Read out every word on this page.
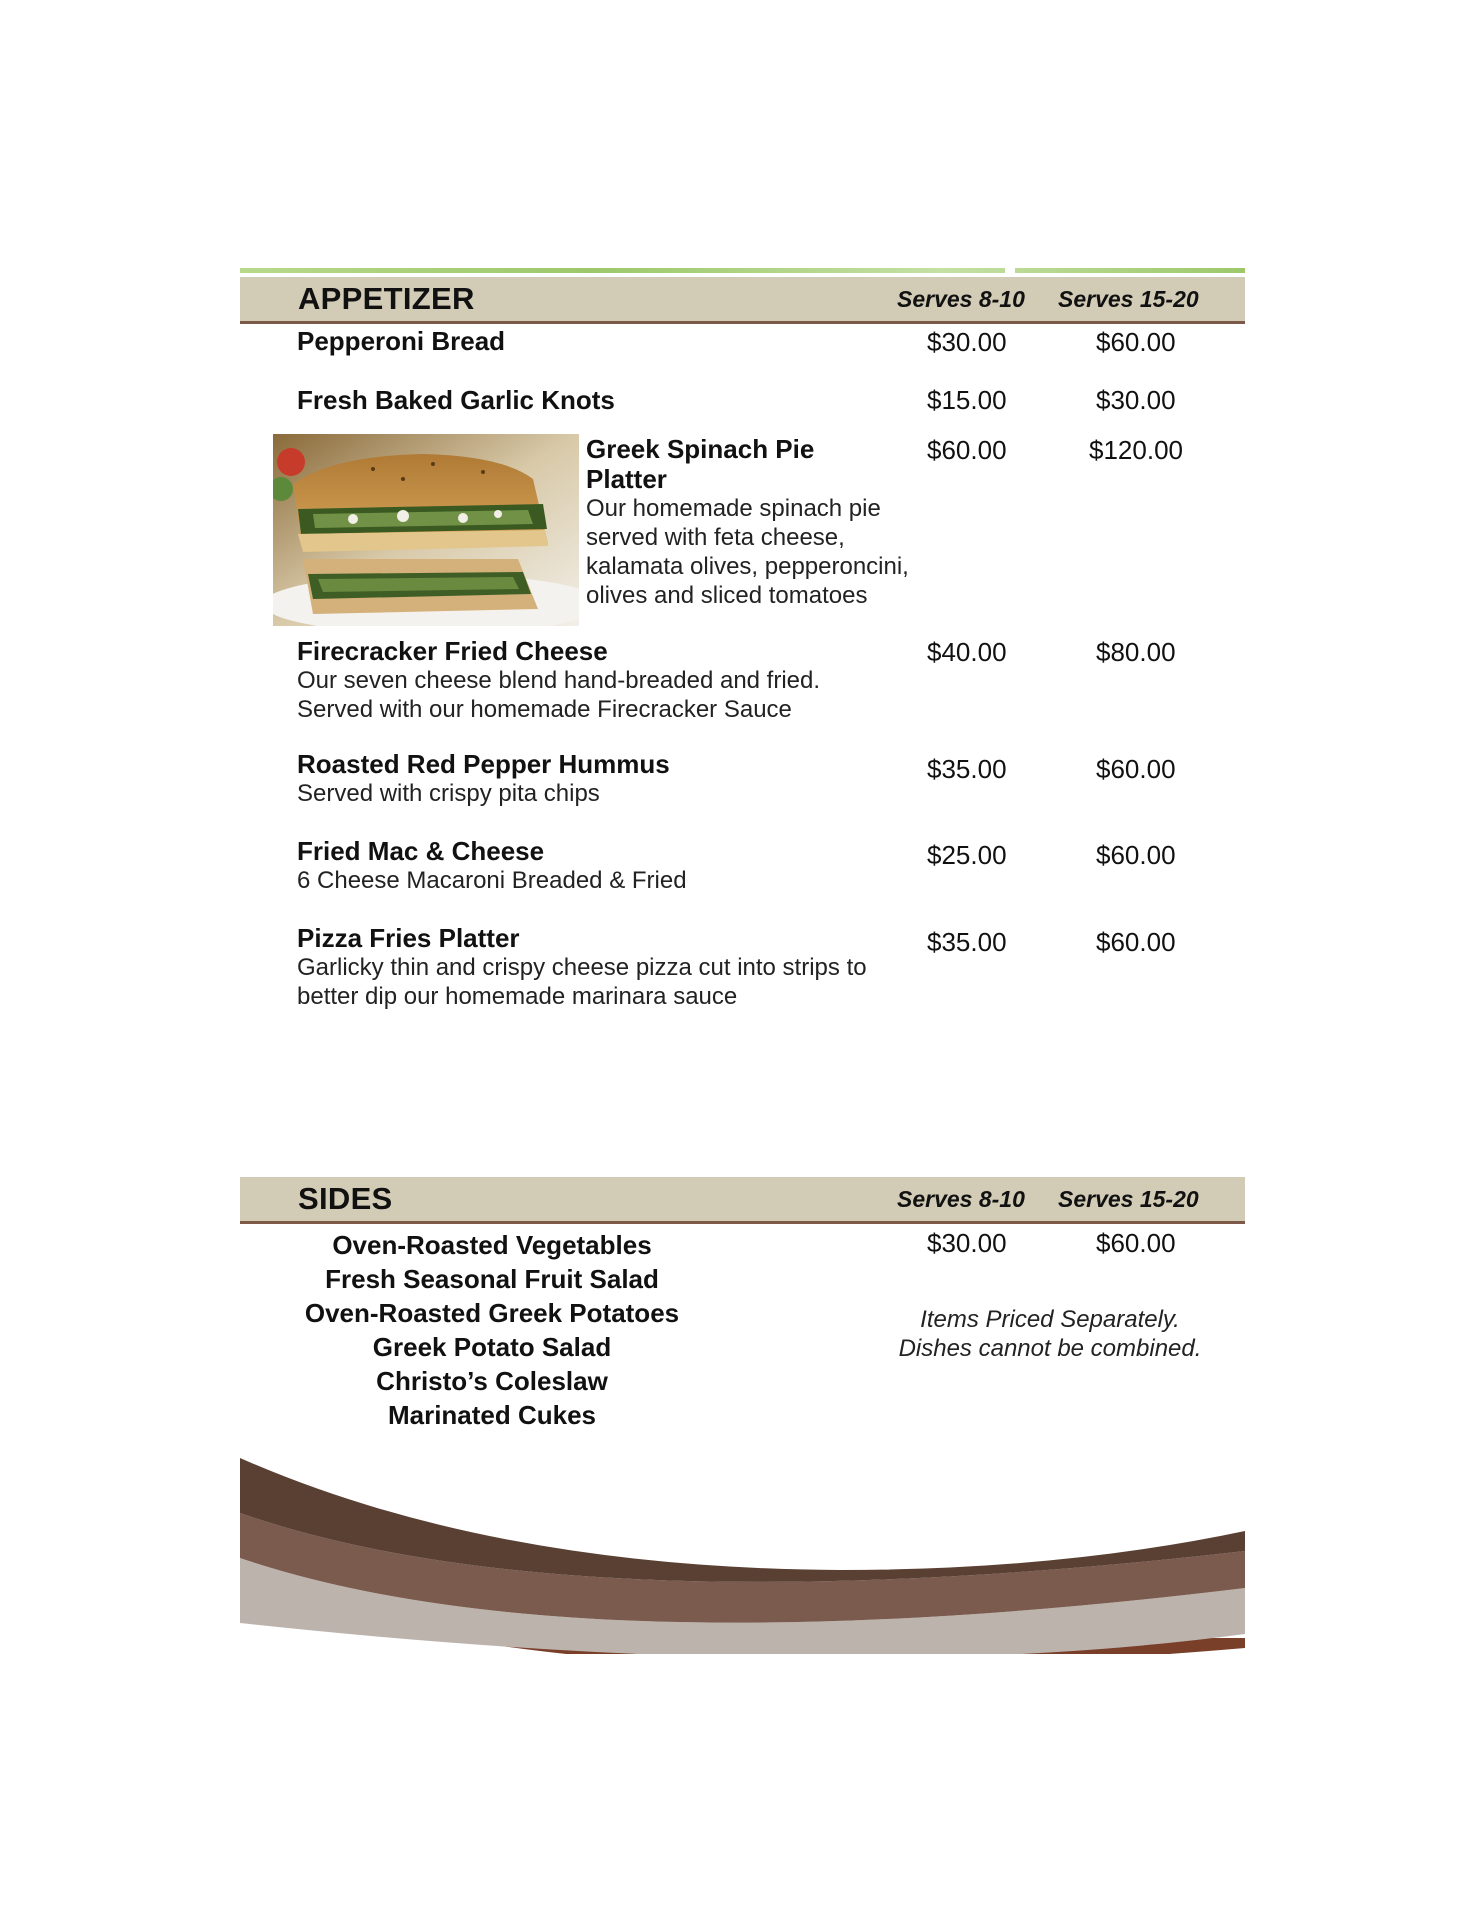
APPETIZER	Serves 8-10 Serves 15-20
Pepperoni Bread	$30.00	$60.00
Fresh Baked Garlic Knots	$15.00	$30.00
Greek Spinach Pie
Platter
Our homemade spinach pie
served with feta cheese,
kalamata olives, pepperoncini,
olives and sliced tomatoes
$60.00	$120.00
Firecracker Fried Cheese
Our seven cheese blend hand-breaded and fried.
Served with our homemade Firecracker Sauce
$40.00	$80.00
Roasted Red Pepper Hummus
Served with crispy pita chips
$35.00	$60.00
Fried Mac & Cheese
6 Cheese Macaroni Breaded & Fried
$25.00	$60.00
Pizza Fries Platter
Garlicky thin and crispy cheese pizza cut into strips to
better dip our homemade marinara sauce
$35.00	$60.00
SIDES	Serves 8-10 Serves 15-20
Oven-Roasted Vegetables
Fresh Seasonal Fruit Salad
Oven-Roasted Greek Potatoes
Greek Potato Salad
Christo’s Coleslaw
Marinated Cukes
$30.00	$60.00
Items Priced Separately.
Dishes cannot be combined.
